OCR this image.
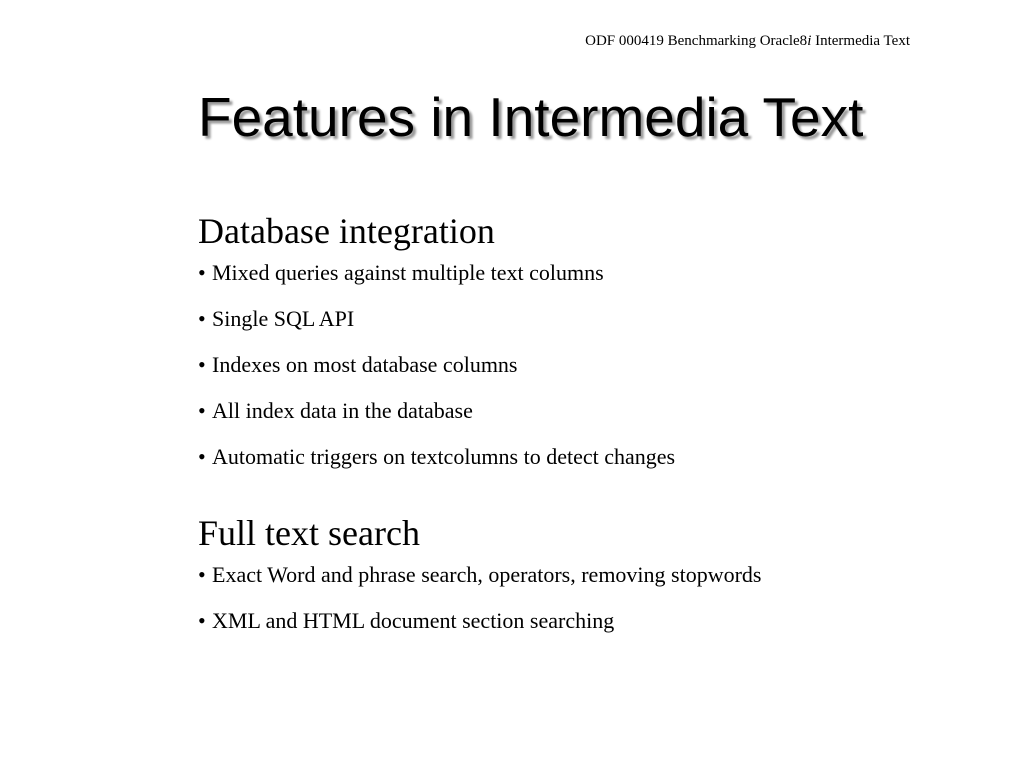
ODF 000419 Benchmarking Oracle8i Intermedia Text
Features in Intermedia Text
Database integration
• Mixed queries against multiple text columns
• Single SQL API
• Indexes on most database columns
• All index data in the database
• Automatic triggers on textcolumns to detect changes
Full text search
• Exact Word and phrase search, operators, removing stopwords
• XML and HTML document section searching
